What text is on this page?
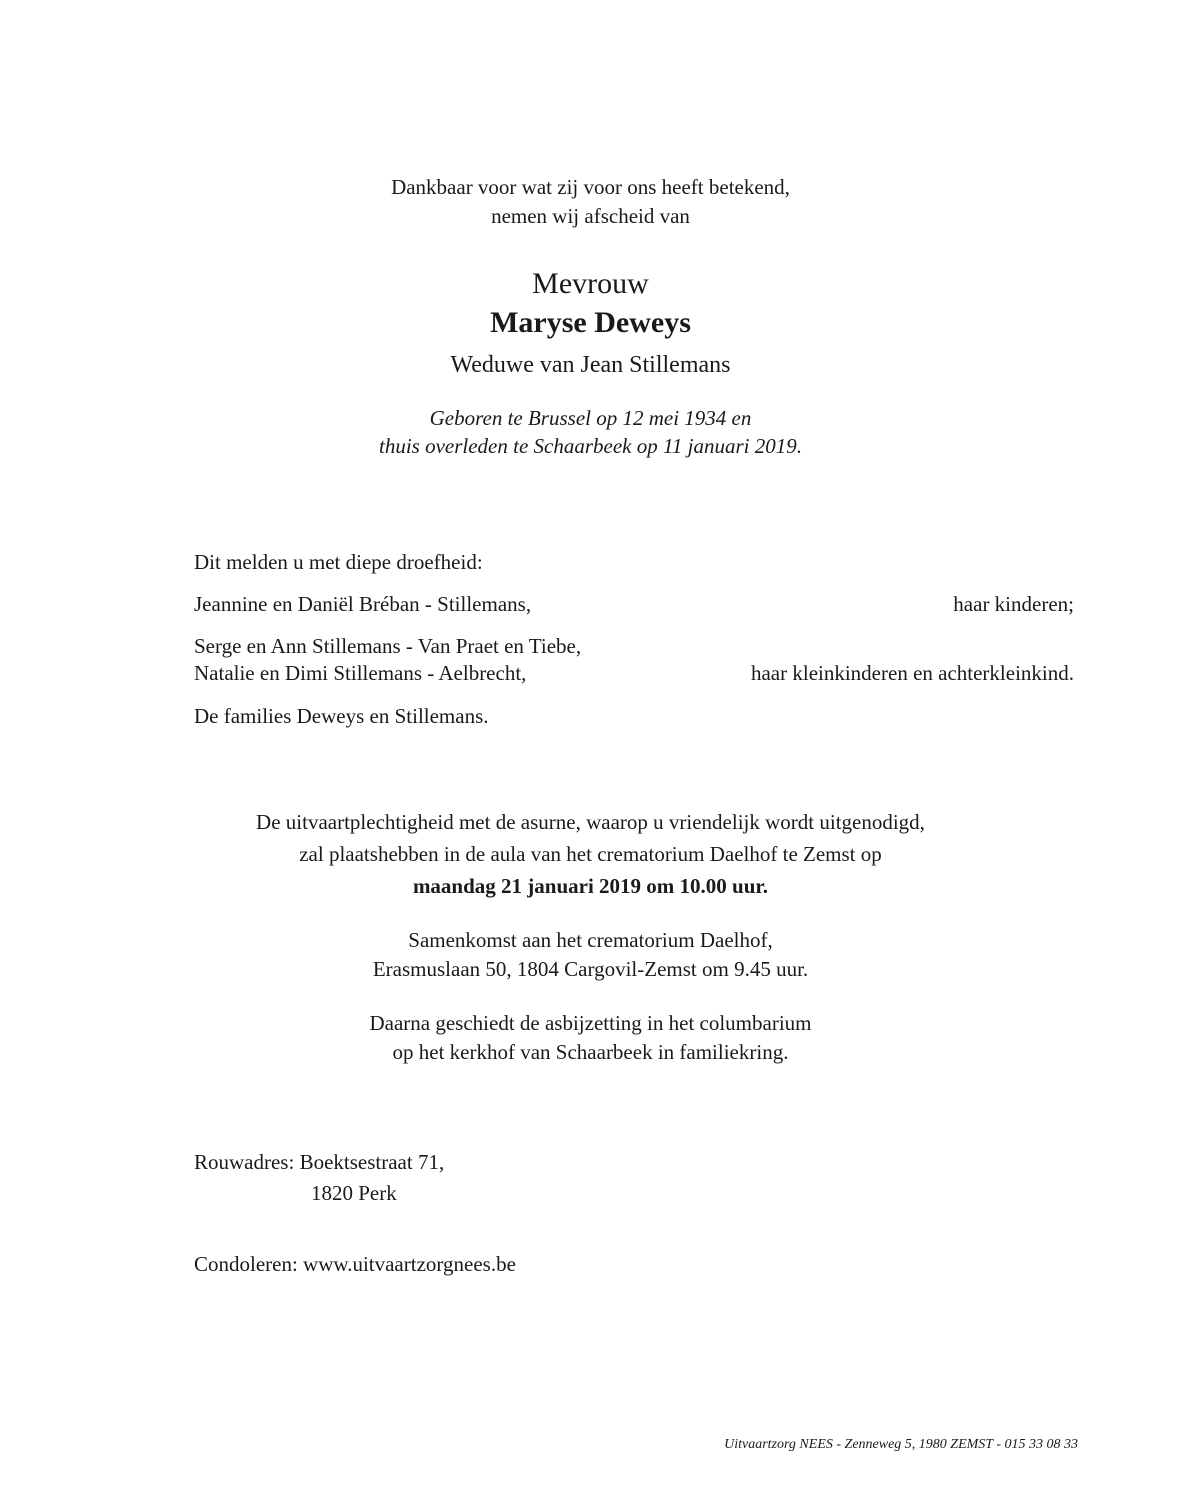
Dankbaar voor wat zij voor ons heeft betekend,
nemen wij afscheid van
Mevrouw
Maryse Deweys
Weduwe van Jean Stillemans
Geboren te Brussel op 12 mei 1934 en
thuis overleden te Schaarbeek op 11 januari 2019.
Dit melden u met diepe droefheid:
Jeannine en Daniël Bréban - Stillemans,	haar kinderen;
Serge en Ann Stillemans - Van Praet en Tiebe,
Natalie en Dimi Stillemans - Aelbrecht,	haar kleinkinderen en achterkleinkind.
De families Deweys en Stillemans.
De uitvaartplechtigheid met de asurne, waarop u vriendelijk wordt uitgenodigd,
zal plaatshebben in de aula van het crematorium Daelhof te Zemst op
maandag 21 januari 2019 om 10.00 uur.
Samenkomst aan het crematorium Daelhof,
Erasmuslaan 50, 1804 Cargovil-Zemst om 9.45 uur.
Daarna geschiedt de asbijzetting in het columbarium
op het kerkhof van Schaarbeek in familiekring.
Rouwadres: Boektsestraat 71,
1820 Perk
Condoleren: www.uitvaartzorgnees.be
Uitvaartzorg NEES - Zenneweg 5, 1980 ZEMST - 015 33 08 33
